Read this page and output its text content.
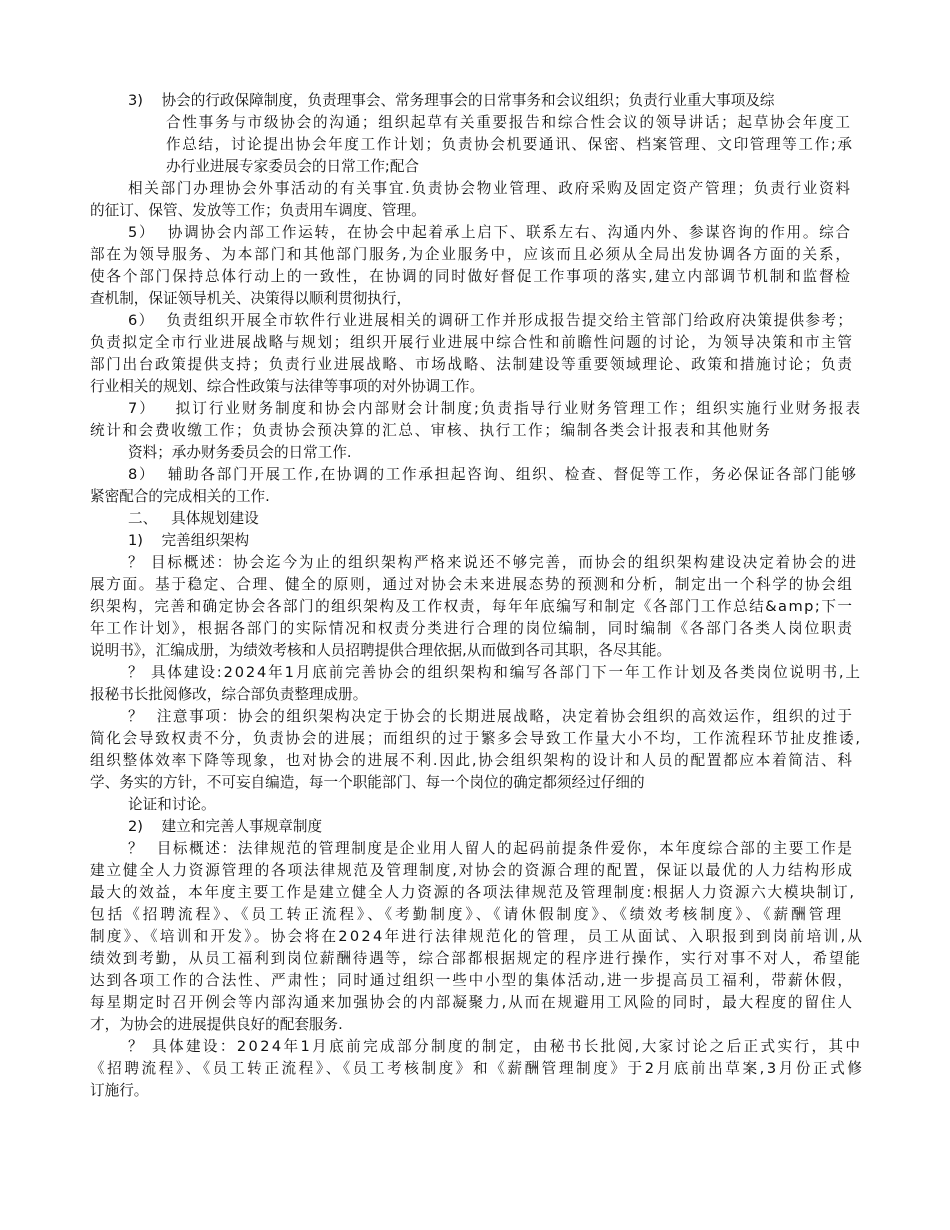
3)    协会的行政保障制度，负责理事会、常务理事会的日常事务和会议组织；负责行业重大事项及综
合性事务与市级协会的沟通；组织起草有关重要报告和综合性会议的领导讲话；起草协会年度工
作总结，讨论提出协会年度工作计划；负责协会机要通讯、保密、档案管理、文印管理等工作;承
办行业进展专家委员会的日常工作;配合
相关部门办理协会外事活动的有关事宜.负责协会物业管理、政府采购及固定资产管理；负责行业资料
的征订、保管、发放等工作；负责用车调度、管理。
5）  协调协会内部工作运转，在协会中起着承上启下、联系左右、沟通内外、参谋咨询的作用。综合
部在为领导服务、为本部门和其他部门服务,为企业服务中，应该而且必须从全局出发协调各方面的关系，
使各个部门保持总体行动上的一致性，在协调的同时做好督促工作事项的落实,建立内部调节机制和监督检
查机制，保证领导机关、决策得以顺利贯彻执行，
6）  负责组织开展全市软件行业进展相关的调研工作并形成报告提交给主管部门给政府决策提供参考；
负责拟定全市行业进展战略与规划；组织开展行业进展中综合性和前瞻性问题的讨论，为领导决策和市主管
部门出台政策提供支持；负责行业进展战略、市场战略、法制建设等重要领域理论、政策和措施讨论；负责
行业相关的规划、综合性政策与法律等事项的对外协调工作。
7）   拟订行业财务制度和协会内部财会计制度;负责指导行业财务管理工作；组织实施行业财务报表
统计和会费收缴工作；负责协会预决算的汇总、审核、执行工作；编制各类会计报表和其他财务
资料；承办财务委员会的日常工作.
8）  辅助各部门开展工作,在协调的工作承担起咨询、组织、检查、督促等工作，务必保证各部门能够
紧密配合的完成相关的工作.
二、   具体规划建设
1)    完善组织架构
？ 目标概述：协会迄今为止的组织架构严格来说还不够完善，而协会的组织架构建设决定着协会的进
展方面。基于稳定、合理、健全的原则，通过对协会未来进展态势的预测和分析，制定出一个科学的协会组
织架构，完善和确定协会各部门的组织架构及工作权责，每年年底编写和制定《各部门工作总结&amp;下一
年工作计划》，根据各部门的实际情况和权责分类进行合理的岗位编制，同时编制《各部门各类人岗位职责
说明书》，汇编成册，为绩效考核和人员招聘提供合理依据,从而做到各司其职，各尽其能。
？ 具体建设:2024年1月底前完善协会的组织架构和编写各部门下一年工作计划及各类岗位说明书,上
报秘书长批阅修改，综合部负责整理成册。
？  注意事项：协会的组织架构决定于协会的长期进展战略，决定着协会组织的高效运作，组织的过于
简化会导致权责不分，负责协会的进展；而组织的过于繁多会导致工作量大小不均，工作流程环节扯皮推诿,
组织整体效率下降等现象，也对协会的进展不利.因此,协会组织架构的设计和人员的配置都应本着简洁、科
学、务实的方针，不可妄自编造，每一个职能部门、每一个岗位的确定都须经过仔细的
论证和讨论。
2)    建立和完善人事规章制度
？  目标概述：法律规范的管理制度是企业用人留人的起码前提条件爱你，本年度综合部的主要工作是
建立健全人力资源管理的各项法律规范及管理制度,对协会的资源合理的配置，保证以最优的人力结构形成
最大的效益，本年度主要工作是建立健全人力资源的各项法律规范及管理制度:根据人力资源六大模块制订,
包括《招聘流程》、《员工转正流程》、《考勤制度》、《请休假制度》、《绩效考核制度》、《薪酬管理
制度》、《培训和开发》。协会将在2024年进行法律规范化的管理，员工从面试、入职报到到岗前培训,从
绩效到考勤，从员工福利到岗位薪酬待遇等，综合部都根据规定的程序进行操作，实行对事不对人，希望能
达到各项工作的合法性、严肃性；同时通过组织一些中小型的集体活动,进一步提高员工福利，带薪休假，
每星期定时召开例会等内部沟通来加强协会的内部凝聚力,从而在规避用工风险的同时，最大程度的留住人
才，为协会的进展提供良好的配套服务.
？ 具体建设：2024年1月底前完成部分制度的制定，由秘书长批阅,大家讨论之后正式实行，其中
《招聘流程》、《员工转正流程》、《员工考核制度》和《薪酬管理制度》于2月底前出草案,3月份正式修
订施行。
